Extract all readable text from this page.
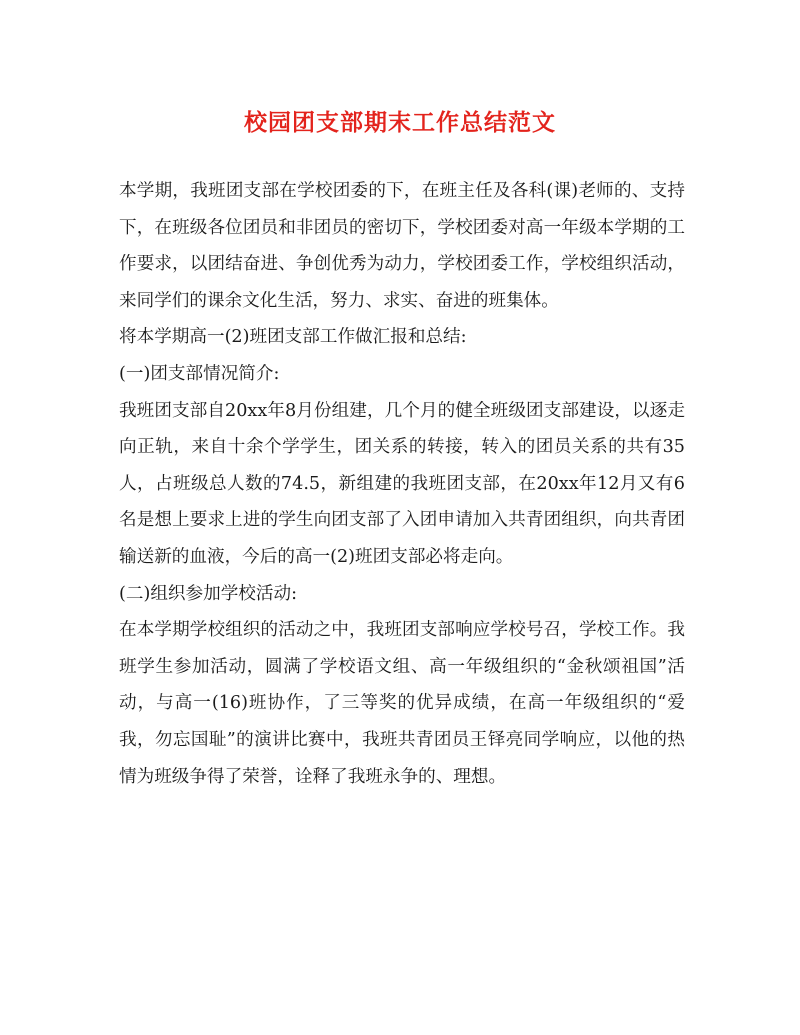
校园团支部期末工作总结范文

本学期，我班团支部在学校团委的下，在班主任及各科(课)老师的、支持下，在班级各位团员和非团员的密切下，学校团委对高一年级本学期的工作要求，以团结奋进、争创优秀为动力，学校团委工作，学校组织活动，来同学们的课余文化生活，努力、求实、奋进的班集体。

将本学期高一(2)班团支部工作做汇报和总结:

(一)团支部情况简介:

我班团支部自20xx年8月份组建，几个月的健全班级团支部建设，以逐走向正轨，来自十余个学学生，团关系的转接，转入的团员关系的共有35人，占班级总人数的74.5，新组建的我班团支部，在20xx年12月又有6名是想上要求上进的学生向团支部了入团申请加入共青团组织，向共青团输送新的血液，今后的高一(2)班团支部必将走向。

(二)组织参加学校活动:

在本学期学校组织的活动之中，我班团支部响应学校号召，学校工作。我班学生参加活动，圆满了学校语文组、高一年级组织的“金秋颂祖国”活动，与高一(16)班协作，了三等奖的优异成绩，在高一年级组织的“爱我，勿忘国耻”的演讲比赛中，我班共青团员王铎亮同学响应，以他的热情为班级争得了荣誉，诠释了我班永争的、理想。
